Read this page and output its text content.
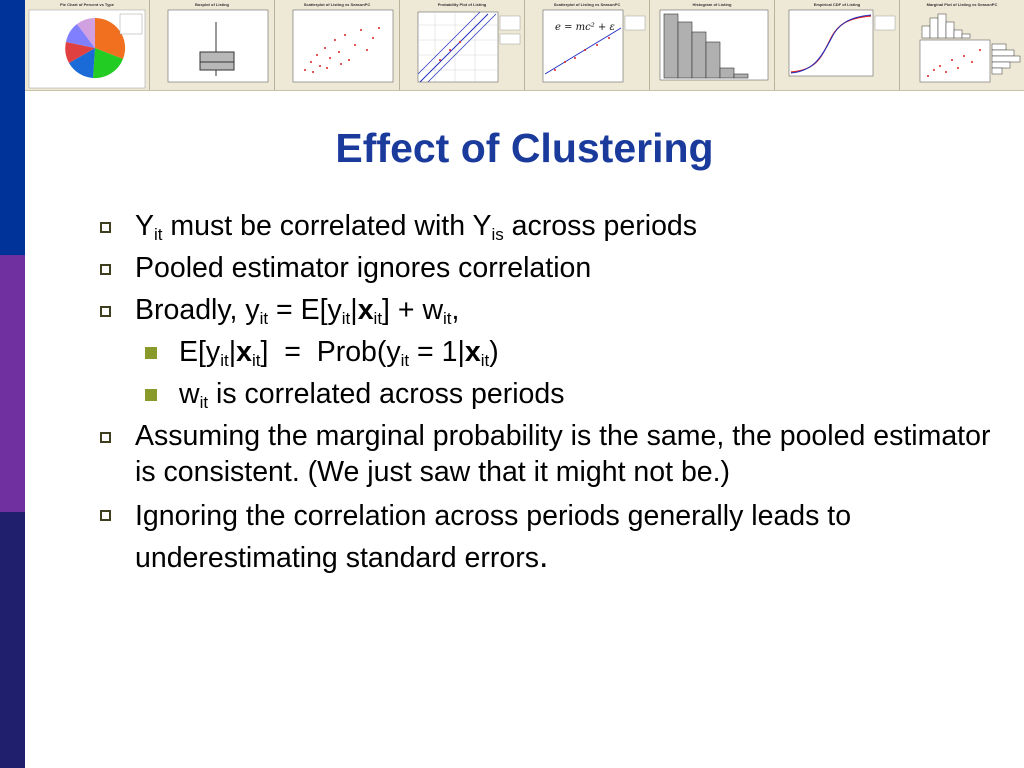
Pie Chart of Percent vs Type	Boxplot of Listing	Scatterplot of Listing vs SeasonPC	Probability Plot of Listing	Scatterplot of Listing vs SeasonPC
e = mc² + ε
Histogram of Listing	Empirical CDF of Listing	Marginal Plot of Listing vs SeasonPC
Effect of Clustering
$Y_{it}$ must be correlated with $Y_{is}$ across periods
Pooled estimator ignores correlation
Broadly, $y_{it} = E[y_{it}|x_{it}] + w_{it}$,
$E[y_{it}|x_{it}]$  =  $Prob(y_{it} = 1|x_{it})$
$w_{it}$ is correlated across periods
Assuming the marginal probability is the same, the pooled estimator is consistent. (We just saw that it might not be.)
Ignoring the correlation across periods generally leads to underestimating standard errors.
